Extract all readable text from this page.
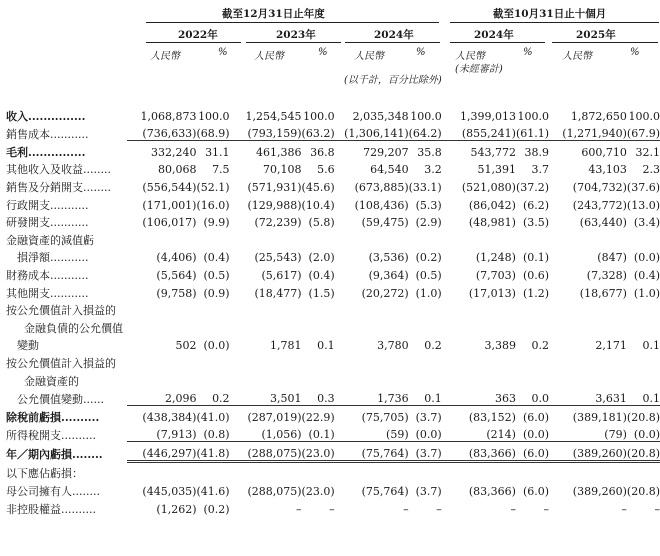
截至12月31日止年度	截至10月31日止十個月
2022年	2023年	2024年	2024年	2025年
人民幣	%	人民幣	%	人民幣	%	人民幣	%	人民幣	%
(以千計，百分比除外)
(未經審計)
收入...............	1,068,873	100.0	1,254,545	100.0	2,035,348	100.0	1,399,013	100.0	1,872,650	100.0
銷售成本...........	(736,633)	(68.9)	(793,159)	(63.2)	(1,306,141)	(64.2)	(855,241)	(61.1)	(1,271,940)	(67.9)
毛利...............	332,240	31.1	461,386	36.8	729,207	35.8	543,772	38.9	600,710	32.1
其他收入及收益........	80,068	7.5	70,108	5.6	64,540	3.2	51,391	3.7	43,103	2.3
銷售及分銷開支........	(556,544)	(52.1)	(571,931)	(45.6)	(673,885)	(33.1)	(521,080)	(37.2)	(704,732)	(37.6)
行政開支...........	(171,001)	(16.0)	(129,988)	(10.4)	(108,436)	(5.3)	(86,042)	(6.2)	(243,772)	(13.0)
研發開支...........	(106,017)	(9.9)	(72,239)	(5.8)	(59,475)	(2.9)	(48,981)	(3.5)	(63,440)	(3.4)
金融資產的減值虧										
損淨額...........	(4,406)	(0.4)	(25,543)	(2.0)	(3,536)	(0.2)	(1,248)	(0.1)	(847)	(0.0)
財務成本...........	(5,564)	(0.5)	(5,617)	(0.4)	(9,364)	(0.5)	(7,703)	(0.6)	(7,328)	(0.4)
其他開支...........	(9,758)	(0.9)	(18,477)	(1.5)	(20,272)	(1.0)	(17,013)	(1.2)	(18,677)	(1.0)
按公允價值計入損益的										
金融負債的公允價值										
變動	502	(0.0)	1,781	0.1	3,780	0.2	3,389	0.2	2,171	0.1
按公允價值計入損益的										
金融資產的										
公允價值變動......	2,096	0.2	3,501	0.3	1,736	0.1	363	0.0	3,631	0.1
除稅前虧損..........	(438,384)	(41.0)	(287,019)	(22.9)	(75,705)	(3.7)	(83,152)	(6.0)	(389,181)	(20.8)
所得稅開支..........	(7,913)	(0.8)	(1,056)	(0.1)	(59)	(0.0)	(214)	(0.0)	(79)	(0.0)
年／期內虧損........	(446,297)	(41.8)	(288,075)	(23.0)	(75,764)	(3.7)	(83,366)	(6.0)	(389,260)	(20.8)
以下應佔虧損：										
母公司擁有人........	(445,035)	(41.6)	(288,075)	(23.0)	(75,764)	(3.7)	(83,366)	(6.0)	(389,260)	(20.8)
非控股權益..........	(1,262)	(0.2)	–	–	–	–	–	–	–	–
